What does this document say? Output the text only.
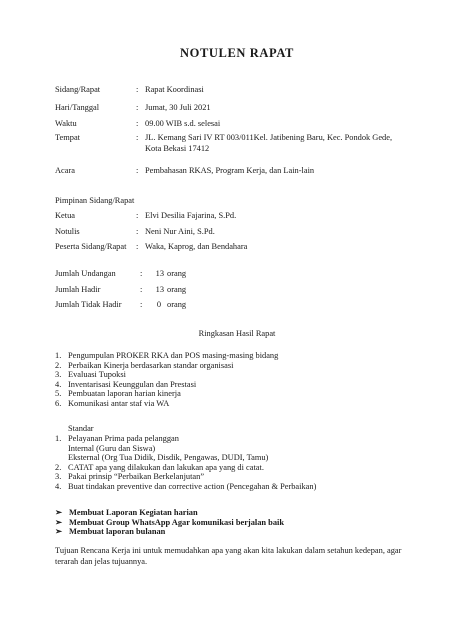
NOTULEN RAPAT
Sidang/Rapat	: Rapat Koordinasi
Hari/Tanggal	: Jumat, 30 Juli 2021
Waktu	: 09.00 WIB s.d. selesai
Tempat	: JL. Kemang Sari IV RT 003/011Kel. Jatibening Baru, Kec. Pondok Gede,
Kota Bekasi 17412
Acara	: Pembahasan RKAS, Program Kerja, dan Lain-lain
Pimpinan Sidang/Rapat
Ketua	: Elvi Desilia Fajarina, S.Pd.
Notulis	: Neni Nur Aini, S.Pd.
Peserta Sidang/Rapat : Waka, Kaprog, dan Bendahara
Jumlah Undangan	:	13 orang
Jumlah Hadir	:	13 orang
Jumlah Tidak Hadir :	0 orang
Ringkasan Hasil Rapat
1. Pengumpulan PROKER RKA dan POS masing-masing bidang
2. Perbaikan Kinerja berdasarkan standar organisasi
3. Evaluasi Tupoksi
4. Inventarisasi Keunggulan dan Prestasi
5. Pembuatan laporan harian kinerja
6. Komunikasi antar staf via WA
Standar
1. Pelayanan Prima pada pelanggan
Internal (Guru dan Siswa)
Eksternal (Org Tua Didik, Disdik, Pengawas, DUDI, Tamu)
2. CATAT apa yang dilakukan dan lakukan apa yang di catat.
3. Pakai prinsip “Perbaikan Berkelanjutan”
4. Buat tindakan preventive dan corrective action (Pencegahan & Perbaikan)
➢ Membuat Laporan Kegiatan harian
➢ Membuat Group WhatsApp Agar komunikasi berjalan baik
➢ Membuat laporan bulanan
Tujuan Rencana Kerja ini untuk memudahkan apa yang akan kita lakukan dalam setahun kedepan, agar terarah dan jelas tujuannya.
